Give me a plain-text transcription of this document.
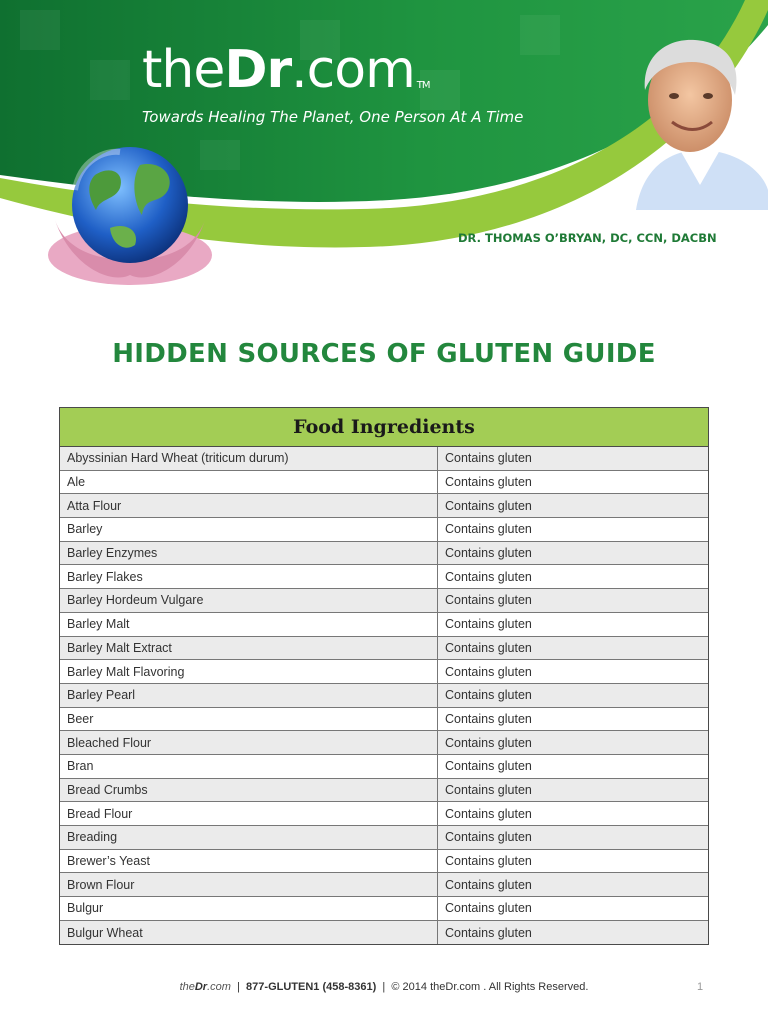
theDr.com ™
Towards Healing The Planet, One Person At A Time
DR. THOMAS O’BRYAN, DC, CCN, DACBN
HIDDEN SOURCES OF GLUTEN GUIDE
Food Ingredients
Abyssinian Hard Wheat (triticum durum)	Contains gluten
Ale	Contains gluten
Atta Flour	Contains gluten
Barley	Contains gluten
Barley Enzymes	Contains gluten
Barley Flakes	Contains gluten
Barley Hordeum Vulgare	Contains gluten
Barley Malt	Contains gluten
Barley Malt Extract	Contains gluten
Barley Malt Flavoring	Contains gluten
Barley Pearl	Contains gluten
Beer	Contains gluten
Bleached Flour	Contains gluten
Bran	Contains gluten
Bread Crumbs	Contains gluten
Bread Flour	Contains gluten
Breading	Contains gluten
Brewer’s Yeast	Contains gluten
Brown Flour	Contains gluten
Bulgur	Contains gluten
Bulgur Wheat	Contains gluten
theDr.com | 877-GLUTEN1 (458-8361) | © 2014 theDr.com . All Rights Reserved.	1
